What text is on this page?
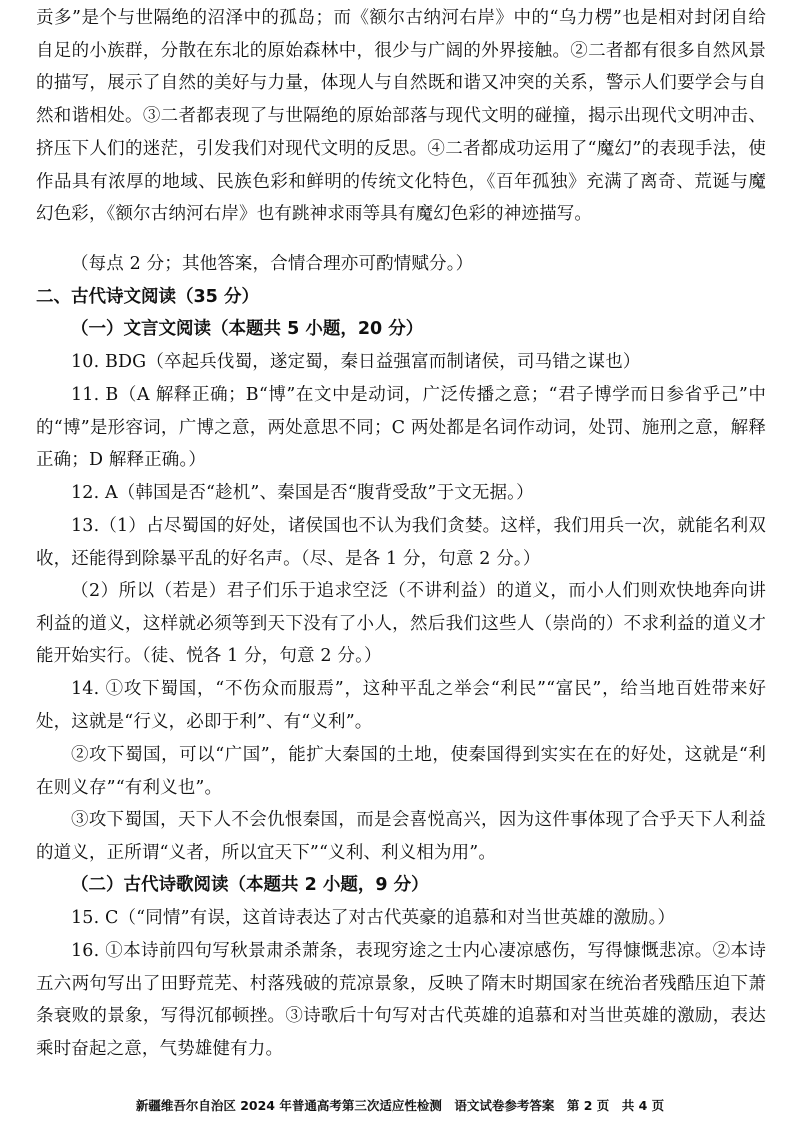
贡多”是个与世隔绝的沼泽中的孤岛；而《额尔古纳河右岸》中的“乌力楞”也是相对封闭自给自足的小族群，分散在东北的原始森林中，很少与广阔的外界接触。②二者都有很多自然风景的描写，展示了自然的美好与力量，体现人与自然既和谐又冲突的关系，警示人们要学会与自然和谐相处。③二者都表现了与世隔绝的原始部落与现代文明的碰撞，揭示出现代文明冲击、挤压下人们的迷茫，引发我们对现代文明的反思。④二者都成功运用了“魔幻”的表现手法，使作品具有浓厚的地域、民族色彩和鲜明的传统文化特色，《百年孤独》充满了离奇、荒诞与魔幻色彩，《额尔古纳河右岸》也有跳神求雨等具有魔幻色彩的神迹描写。

（每点 2 分；其他答案，合情合理亦可酌情赋分。）

二、古代诗文阅读（35 分）

（一）文言文阅读（本题共 5 小题，20 分）

10. BDG（卒起兵伐蜀，遂定蜀，秦日益强富而制诸侯，司马错之谋也）

11. B（A 解释正确；B“博”在文中是动词，广泛传播之意；“君子博学而日参省乎己”中的“博”是形容词，广博之意，两处意思不同；C 两处都是名词作动词，处罚、施刑之意，解释正确；D 解释正确。）

12. A（韩国是否“趁机”、秦国是否“腹背受敌”于文无据。）

13.（1）占尽蜀国的好处，诸侯国也不认为我们贪婪。这样，我们用兵一次，就能名利双收，还能得到除暴平乱的好名声。（尽、是各 1 分，句意 2 分。）

（2）所以（若是）君子们乐于追求空泛（不讲利益）的道义，而小人们则欢快地奔向讲利益的道义，这样就必须等到天下没有了小人，然后我们这些人（崇尚的）不求利益的道义才能开始实行。（徒、悦各 1 分，句意 2 分。）

14. ①攻下蜀国，“不伤众而服焉”，这种平乱之举会“利民”“富民”，给当地百姓带来好处，这就是“行义，必即于利”、有“义利”。

②攻下蜀国，可以“广国”，能扩大秦国的土地，使秦国得到实实在在的好处，这就是“利在则义存”“有利义也”。

③攻下蜀国，天下人不会仇恨秦国，而是会喜悦高兴，因为这件事体现了合乎天下人利益的道义，正所谓“义者，所以宜天下”“义利、利义相为用”。

（二）古代诗歌阅读（本题共 2 小题，9 分）

15. C（“同情”有误，这首诗表达了对古代英豪的追慕和对当世英雄的激励。）

16. ①本诗前四句写秋景肃杀萧条，表现穷途之士内心凄凉感伤，写得慷慨悲凉。②本诗五六两句写出了田野荒芜、村落残破的荒凉景象，反映了隋末时期国家在统治者残酷压迫下萧条衰败的景象，写得沉郁顿挫。③诗歌后十句写对古代英雄的追慕和对当世英雄的激励，表达乘时奋起之意，气势雄健有力。

新疆维吾尔自治区 2024 年普通高考第三次适应性检测　语文试卷参考答案　第 2 页　共 4 页
